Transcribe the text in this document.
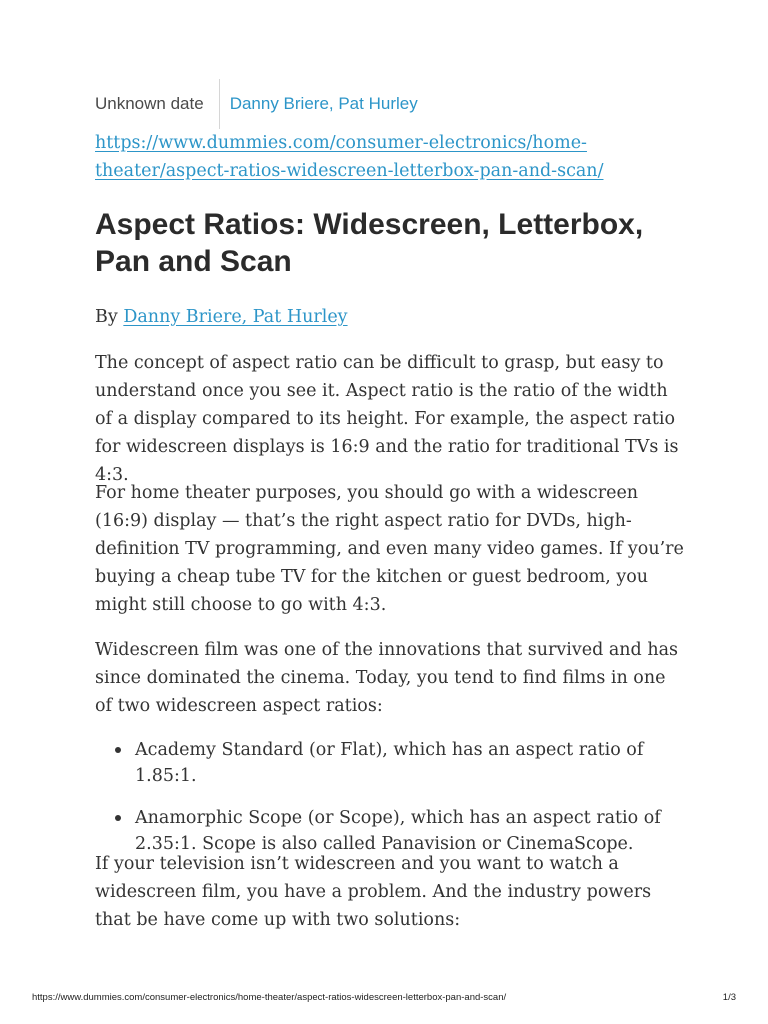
Unknown date	Danny Briere, Pat Hurley
https://www.dummies.com/consumer-electronics/home-
theater/aspect-ratios-widescreen-letterbox-pan-and-scan/
Aspect Ratios: Widescreen, Letterbox,
Pan and Scan
By Danny Briere, Pat Hurley

The concept of aspect ratio can be difficult to grasp, but easy to understand once you see it. Aspect ratio is the ratio of the width of a display compared to its height. For example, the aspect ratio for widescreen displays is 16:9 and the ratio for traditional TVs is 4:3.

For home theater purposes, you should go with a widescreen (16:9) display — that’s the right aspect ratio for DVDs, high-definition TV programming, and even many video games. If you’re buying a cheap tube TV for the kitchen or guest bedroom, you might still choose to go with 4:3.

Widescreen film was one of the innovations that survived and has since dominated the cinema. Today, you tend to find films in one of two widescreen aspect ratios:

Academy Standard (or Flat), which has an aspect ratio of 1.85:1.
Anamorphic Scope (or Scope), which has an aspect ratio of 2.35:1. Scope is also called Panavision or CinemaScope.

If your television isn’t widescreen and you want to watch a widescreen film, you have a problem. And the industry powers that be have come up with two solutions:

https://www.dummies.com/consumer-electronics/home-theater/aspect-ratios-widescreen-letterbox-pan-and-scan/	1/3
